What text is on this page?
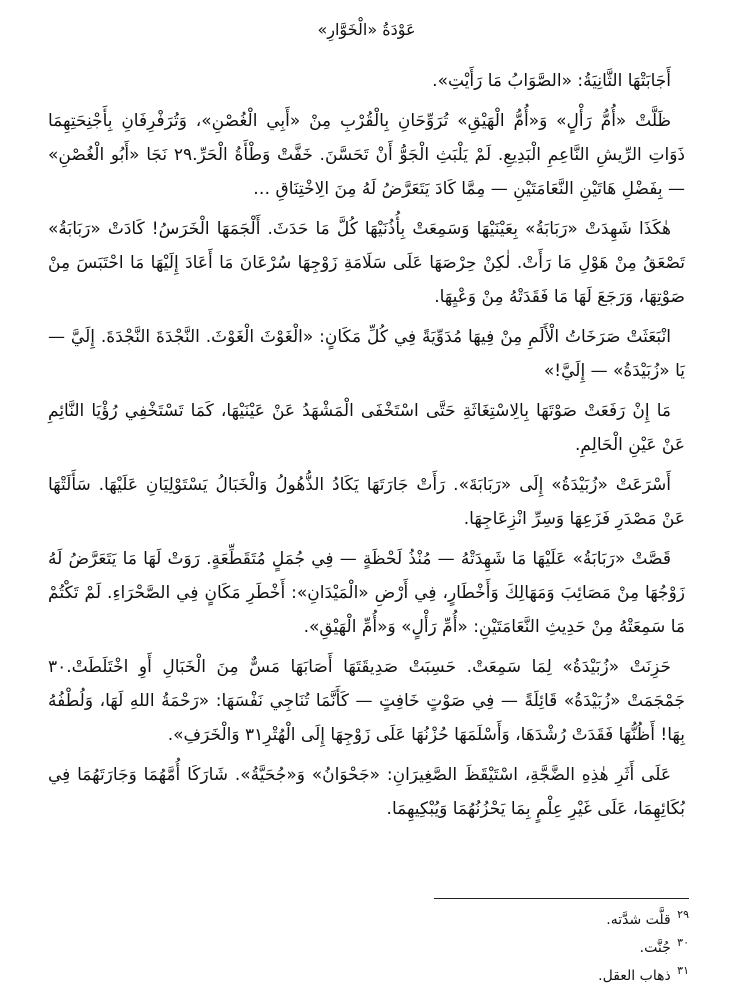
عَوْدَةُ «الْخَوَّارِ»

أَجَابَتْهَا الثَّانِيَةُ: «الصَّوَابُ مَا رَأَيْتِ».

ظَلَّتْ «أُمُّ رَأْلٍ» وَ«أُمُّ الْهَيْقِ» تُرَوِّحَانِ بِالْقُرْبِ مِنْ «أَبِي الْغُصْنِ»، وَتُرَفْرِفَانِ بِأَجْنِحَتِهِمَا ذَوَاتِ الرِّيشِ النَّاعِمِ الْبَدِيعِ. لَمْ يَلْبَثِ الْجَوُّ أَنْ تَحَسَّنَ. خَفَّتْ وَطْأَةُ الْحَرِّ.٢٩ نَجَا «أَبُو الْغُصْنِ» — بِفَضْلِ هَاتَيْنِ النَّعَامَتَيْنِ — مِمَّا كَادَ يَتَعَرَّضُ لَهُ مِنَ الِاخْتِنَاقِ …

هٰكَذَا شَهِدَتْ «رَبَابَةُ» بِعَيْنَيْهَا وَسَمِعَتْ بِأُذُنَيْهَا كُلَّ مَا حَدَثَ. أَلْجَمَهَا الْخَرَسُ! كَادَتْ «رَبَابَةُ» تَصْعَقُ مِنْ هَوْلِ مَا رَأَتْ. لٰكِنْ حِرْصَهَا عَلَى سَلَامَةِ زَوْجِهَا سُرْعَانَ مَا أَعَادَ إِلَيْهَا مَا احْتَبَسَ مِنْ صَوْتِهَا، وَرَجَعَ لَهَا مَا فَقَدَتْهُ مِنْ وَعْيِهَا.

انْبَعَثَتْ صَرَخَاتُ الْأَلَمِ مِنْ فِيهَا مُدَوِّيَةً فِي كُلِّ مَكَانٍ: «الْغَوْثَ الْغَوْثَ. النَّجْدَةَ النَّجْدَةَ. إِلَيَّ — يَا «زُبَيْدَةُ» — إِلَيَّ!»

مَا إِنْ رَفَعَتْ صَوْتَهَا بِالِاسْتِغَاثَةِ حَتَّى اسْتَخْفَى الْمَشْهَدُ عَنْ عَيْنَيْهَا، كَمَا تَسْتَخْفِي رُؤْيَا النَّائِمِ عَنْ عَيْنِ الْحَالِمِ.

أَسْرَعَتْ «زُبَيْدَةُ» إِلَى «رَبَابَةَ». رَأَتْ جَارَتَهَا يَكَادُ الذُّهُولُ وَالْخَبَالُ يَسْتَوْلِيَانِ عَلَيْهَا. سَأَلَتْهَا عَنْ مَصْدَرِ فَزَعِهَا وَسِرِّ انْزِعَاجِهَا.

قَصَّتْ «رَبَابَةُ» عَلَيْهَا مَا شَهِدَتْهُ — مُنْذُ لَحْظَةٍ — فِي جُمَلٍ مُتَقَطِّعَةٍ. رَوَتْ لَهَا مَا يَتَعَرَّضُ لَهُ زَوْجُهَا مِنْ مَصَائِبَ وَمَهَالِكَ وَأَخْطَارٍ، فِي أَرْضِ «الْمَيْدَانِ»: أَخْطَرِ مَكَانٍ فِي الصَّحْرَاءِ. لَمْ تَكْتُمْ مَا سَمِعَتْهُ مِنْ حَدِيثِ النَّعَامَتَيْنِ: «أُمِّ رَأْلٍ» وَ«أُمِّ الْهَيْقِ».

حَزِنَتْ «زُبَيْدَةُ» لِمَا سَمِعَتْ. حَسِبَتْ صَدِيقَتَهَا أَصَابَهَا مَسٌّ مِنَ الْخَبَالِ أَوِ اخْتَلَطَتْ.٣٠ جَمْجَمَتْ «زُبَيْدَةُ» قَائِلَةً — فِي صَوْتٍ خَافِتٍ — كَأَنَّمَا تُنَاجِي نَفْسَهَا: «رَحْمَةُ اللهِ لَهَا، وَلُطْفُهُ بِهَا! أَظُنُّهَا فَقَدَتْ رُشْدَهَا، وَأَسْلَمَهَا حُزْنُهَا عَلَى زَوْجِهَا إِلَى الْهُتْرِ٣١ وَالْخَرَفِ».

عَلَى أَثَرِ هٰذِهِ الضَّجَّةِ، اسْتَيْقَظَ الصَّغِيرَانِ: «جَحْوَانُ» وَ«جُحَيَّةُ». شَارَكَا أُمَّهُمَا وَجَارَتَهُمَا فِي بُكَائِهِمَا، عَلَى غَيْرِ عِلْمٍ بِمَا يَحْزُنُهُمَا وَيُبْكِيهِمَا.

$^{٢٩}$ قلَّت شدَّته.
$^{٣٠}$ جُنَّت.
$^{٣١}$ ذهاب العقل.
